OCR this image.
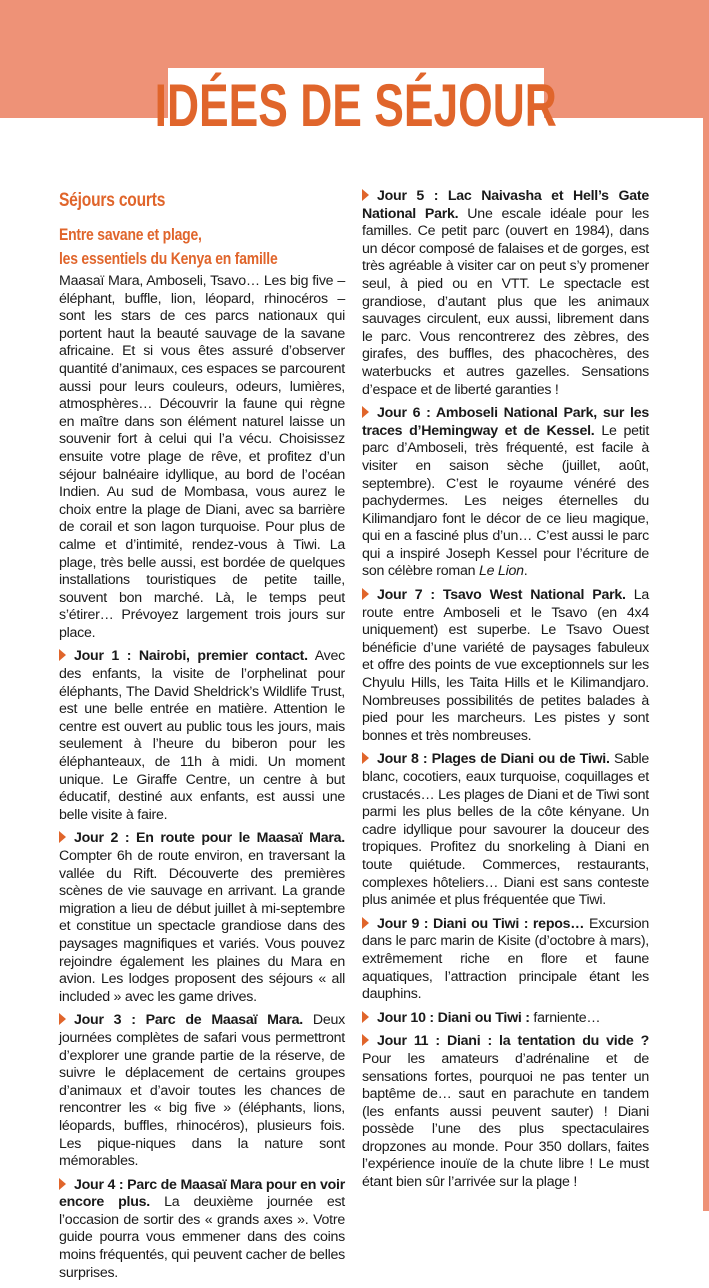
IDÉES DE SÉJOUR
Séjours courts
Entre savane et plage,
les essentiels du Kenya en famille

Maasaï Mara, Amboseli, Tsavo… Les big five – éléphant, buffle, lion, léopard, rhinocéros – sont les stars de ces parcs nationaux qui portent haut la beauté sauvage de la savane africaine. Et si vous êtes assuré d’observer quantité d’animaux, ces espaces se parcourent aussi pour leurs couleurs, odeurs, lumières, atmosphères… Découvrir la faune qui règne en maître dans son élément naturel laisse un souvenir fort à celui qui l’a vécu. Choisissez ensuite votre plage de rêve, et profitez d’un séjour balnéaire idyllique, au bord de l’océan Indien. Au sud de Mombasa, vous aurez le choix entre la plage de Diani, avec sa barrière de corail et son lagon turquoise. Pour plus de calme et d’intimité, rendez-vous à Tiwi. La plage, très belle aussi, est bordée de quelques installations touristiques de petite taille, souvent bon marché. Là, le temps peut s’étirer… Prévoyez largement trois jours sur place.

Jour 1 : Nairobi, premier contact. Avec des enfants, la visite de l’orphelinat pour éléphants, The David Sheldrick’s Wildlife Trust, est une belle entrée en matière. Attention le centre est ouvert au public tous les jours, mais seulement à l’heure du biberon pour les éléphanteaux, de 11h à midi. Un moment unique. Le Giraffe Centre, un centre à but éducatif, destiné aux enfants, est aussi une belle visite à faire.

Jour 2 : En route pour le Maasaï Mara. Compter 6h de route environ, en traversant la vallée du Rift. Découverte des premières scènes de vie sauvage en arrivant. La grande migration a lieu de début juillet à mi-septembre et constitue un spectacle grandiose dans des paysages magnifiques et variés. Vous pouvez rejoindre également les plaines du Mara en avion. Les lodges proposent des séjours « all included » avec les game drives.

Jour 3 : Parc de Maasaï Mara. Deux journées complètes de safari vous permettront d’explorer une grande partie de la réserve, de suivre le déplacement de certains groupes d’animaux et d’avoir toutes les chances de rencontrer les « big five » (éléphants, lions, léopards, buffles, rhinocéros), plusieurs fois. Les pique-niques dans la nature sont mémorables.

Jour 4 : Parc de Maasaï Mara pour en voir encore plus. La deuxième journée est l’occasion de sortir des « grands axes ». Votre guide pourra vous emmener dans des coins moins fréquentés, qui peuvent cacher de belles surprises.

Jour 5 : Lac Naivasha et Hell’s Gate National Park. Une escale idéale pour les familles. Ce petit parc (ouvert en 1984), dans un décor composé de falaises et de gorges, est très agréable à visiter car on peut s’y promener seul, à pied ou en VTT. Le spectacle est grandiose, d’autant plus que les animaux sauvages circulent, eux aussi, librement dans le parc. Vous rencontrerez des zèbres, des girafes, des buffles, des phacochères, des waterbucks et autres gazelles. Sensations d’espace et de liberté garanties !

Jour 6 : Amboseli National Park, sur les traces d’Hemingway et de Kessel. Le petit parc d’Amboseli, très fréquenté, est facile à visiter en saison sèche (juillet, août, septembre). C’est le royaume vénéré des pachydermes. Les neiges éternelles du Kilimandjaro font le décor de ce lieu magique, qui en a fasciné plus d’un… C’est aussi le parc qui a inspiré Joseph Kessel pour l’écriture de son célèbre roman Le Lion.

Jour 7 : Tsavo West National Park. La route entre Amboseli et le Tsavo (en 4x4 uniquement) est superbe. Le Tsavo Ouest bénéficie d’une variété de paysages fabuleux et offre des points de vue exceptionnels sur les Chyulu Hills, les Taita Hills et le Kilimandjaro. Nombreuses possibilités de petites balades à pied pour les marcheurs. Les pistes y sont bonnes et très nombreuses.

Jour 8 : Plages de Diani ou de Tiwi. Sable blanc, cocotiers, eaux turquoise, coquillages et crustacés… Les plages de Diani et de Tiwi sont parmi les plus belles de la côte kényane. Un cadre idyllique pour savourer la douceur des tropiques. Profitez du snorkeling à Diani en toute quiétude. Commerces, restaurants, complexes hôteliers… Diani est sans conteste plus animée et plus fréquentée que Tiwi.

Jour 9 : Diani ou Tiwi : repos… Excursion dans le parc marin de Kisite (d’octobre à mars), extrêmement riche en flore et faune aquatiques, l’attraction principale étant les dauphins.

Jour 10 : Diani ou Tiwi : farniente…

Jour 11 : Diani : la tentation du vide ? Pour les amateurs d’adrénaline et de sensations fortes, pourquoi ne pas tenter un baptême de… saut en parachute en tandem (les enfants aussi peuvent sauter) ! Diani possède l’une des plus spectaculaires dropzones au monde. Pour 350 dollars, faites l’expérience inouïe de la chute libre ! Le must étant bien sûr l’arrivée sur la plage !
